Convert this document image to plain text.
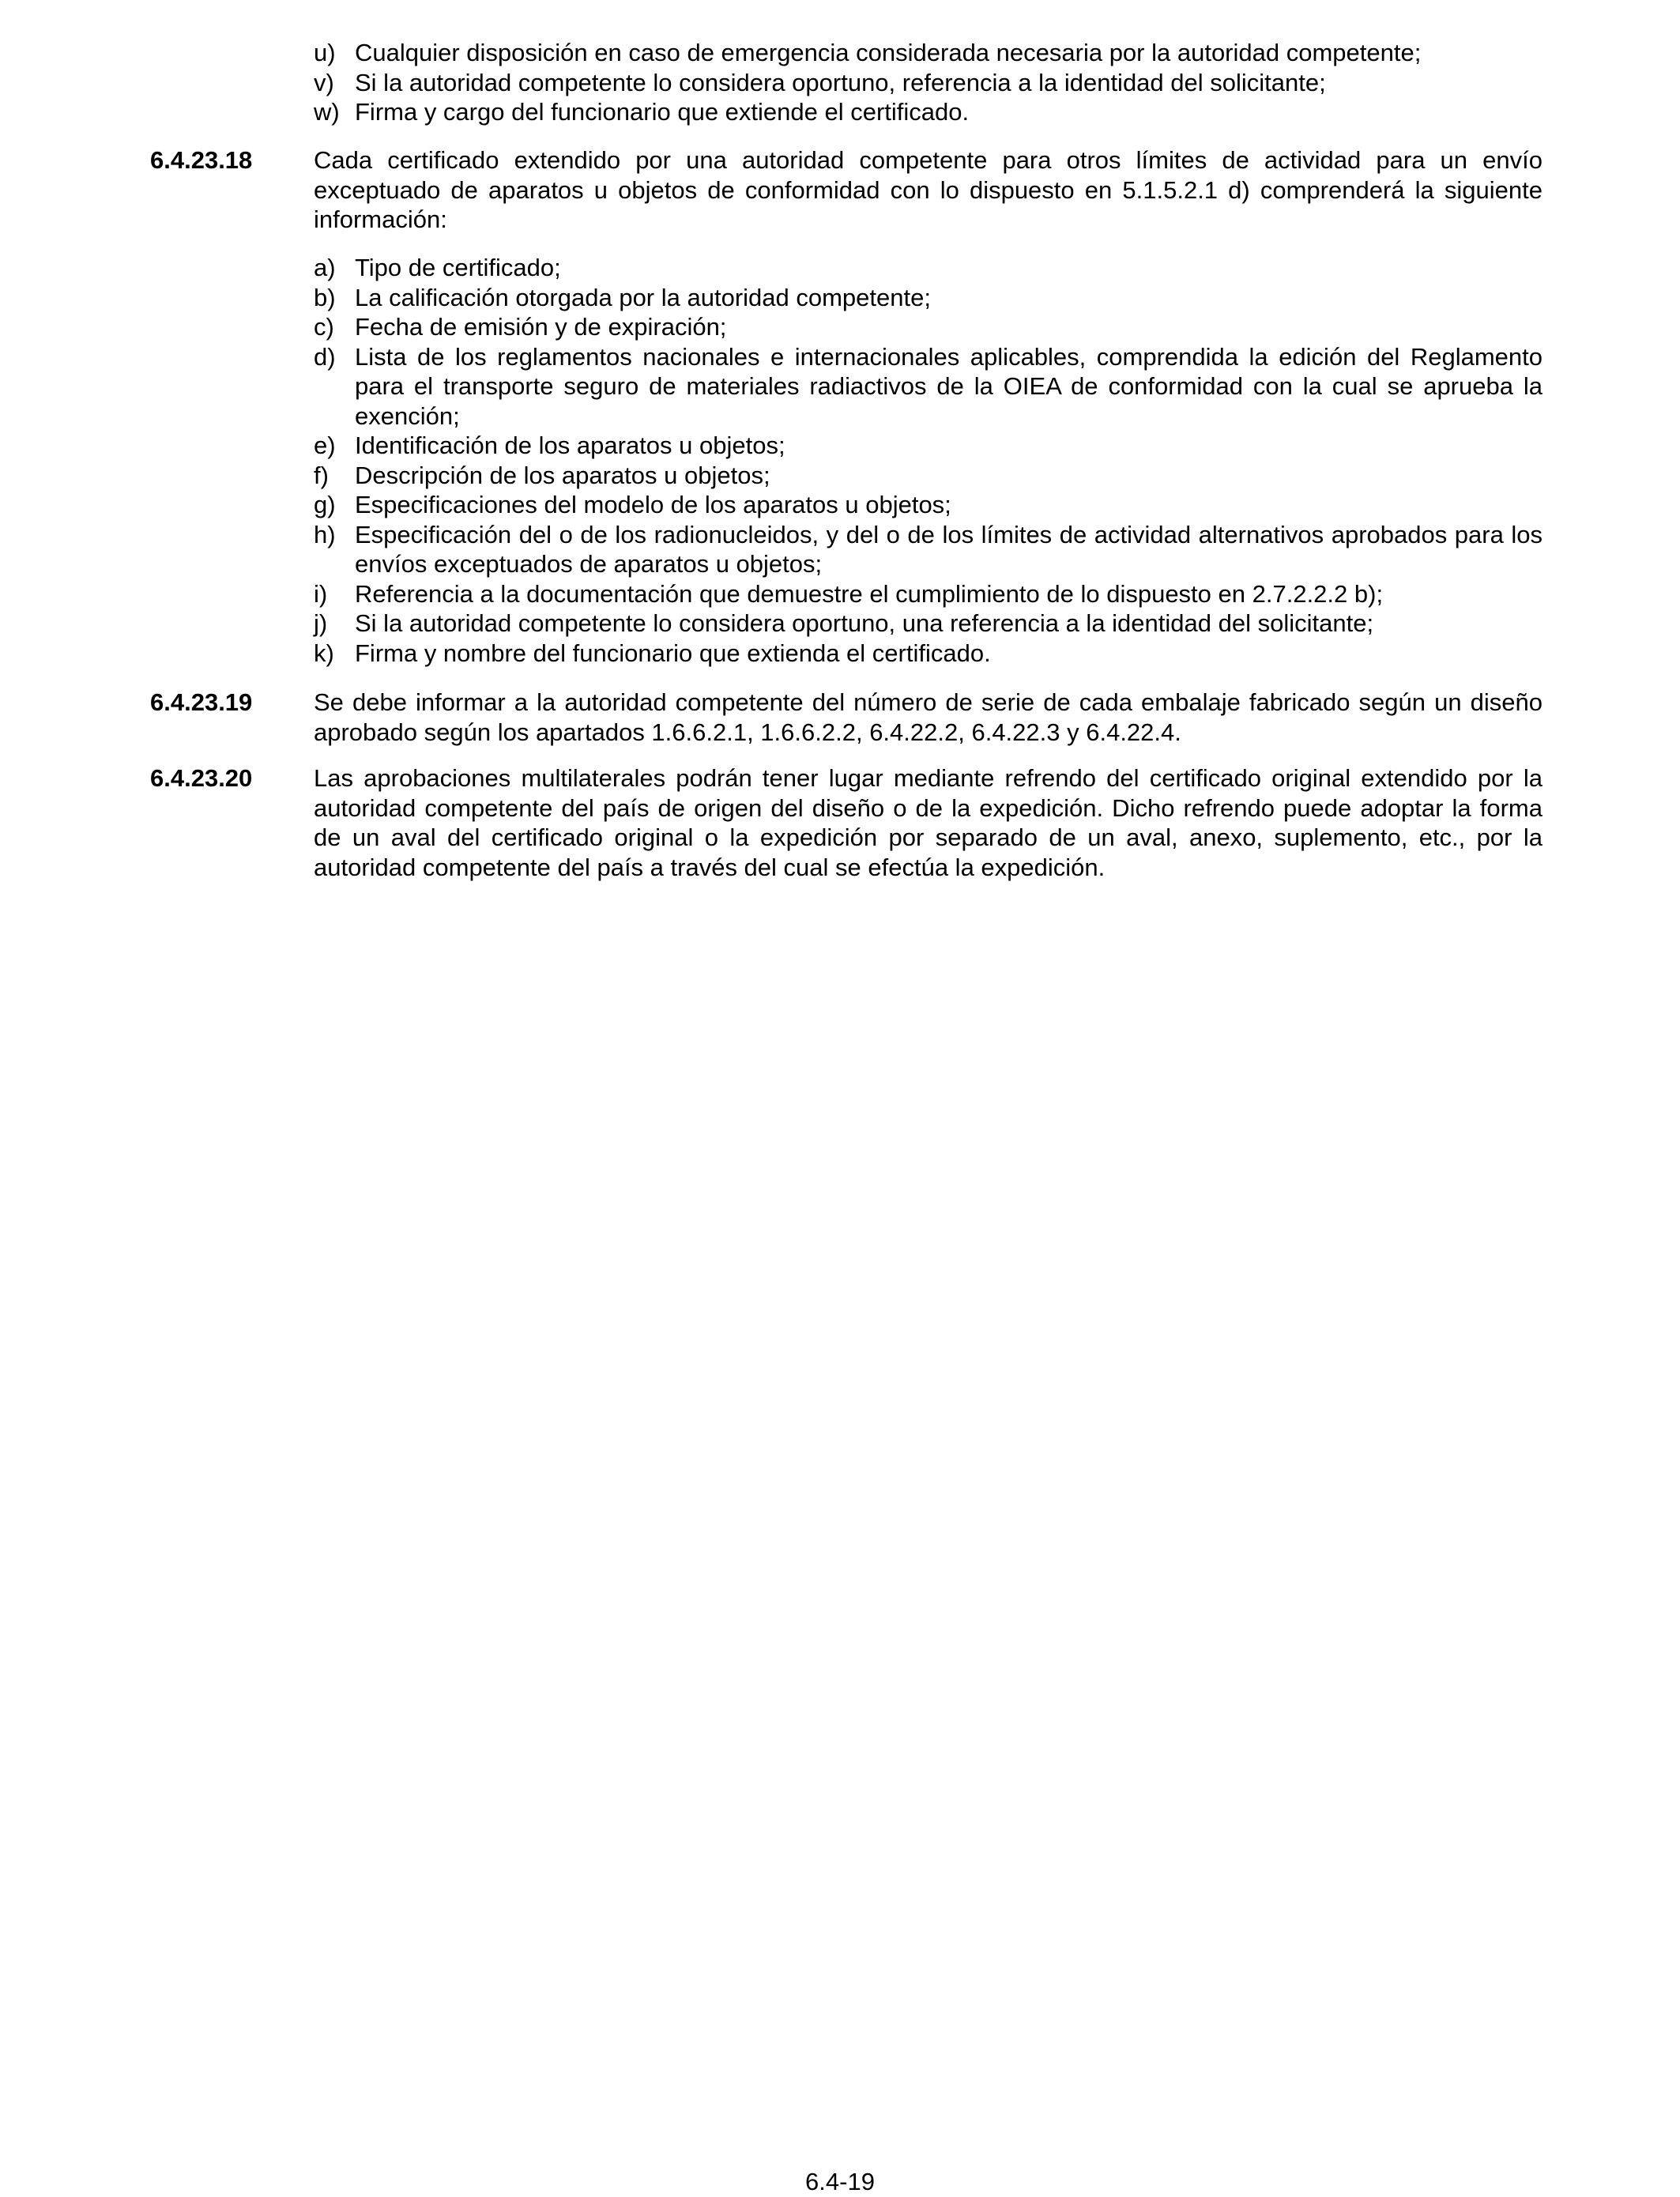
u) Cualquier disposición en caso de emergencia considerada necesaria por la autoridad competente;
v) Si la autoridad competente lo considera oportuno, referencia a la identidad del solicitante;
w) Firma y cargo del funcionario que extiende el certificado.
6.4.23.18	Cada certificado extendido por una autoridad competente para otros límites de actividad para un envío exceptuado de aparatos u objetos de conformidad con lo dispuesto en 5.1.5.2.1 d) comprenderá la siguiente información:
a) Tipo de certificado;
b) La calificación otorgada por la autoridad competente;
c) Fecha de emisión y de expiración;
d) Lista de los reglamentos nacionales e internacionales aplicables, comprendida la edición del Reglamento para el transporte seguro de materiales radiactivos de la OIEA de conformidad con la cual se aprueba la exención;
e) Identificación de los aparatos u objetos;
f) Descripción de los aparatos u objetos;
g) Especificaciones del modelo de los aparatos u objetos;
h) Especificación del o de los radionucleidos, y del o de los límites de actividad alternativos aprobados para los envíos exceptuados de aparatos u objetos;
i) Referencia a la documentación que demuestre el cumplimiento de lo dispuesto en 2.7.2.2.2 b);
j) Si la autoridad competente lo considera oportuno, una referencia a la identidad del solicitante;
k) Firma y nombre del funcionario que extienda el certificado.
6.4.23.19	Se debe informar a la autoridad competente del número de serie de cada embalaje fabricado según un diseño aprobado según los apartados 1.6.6.2.1, 1.6.6.2.2, 6.4.22.2, 6.4.22.3 y 6.4.22.4.
6.4.23.20	Las aprobaciones multilaterales podrán tener lugar mediante refrendo del certificado original extendido por la autoridad competente del país de origen del diseño o de la expedición. Dicho refrendo puede adoptar la forma de un aval del certificado original o la expedición por separado de un aval, anexo, suplemento, etc., por la autoridad competente del país a través del cual se efectúa la expedición.
6.4-19
